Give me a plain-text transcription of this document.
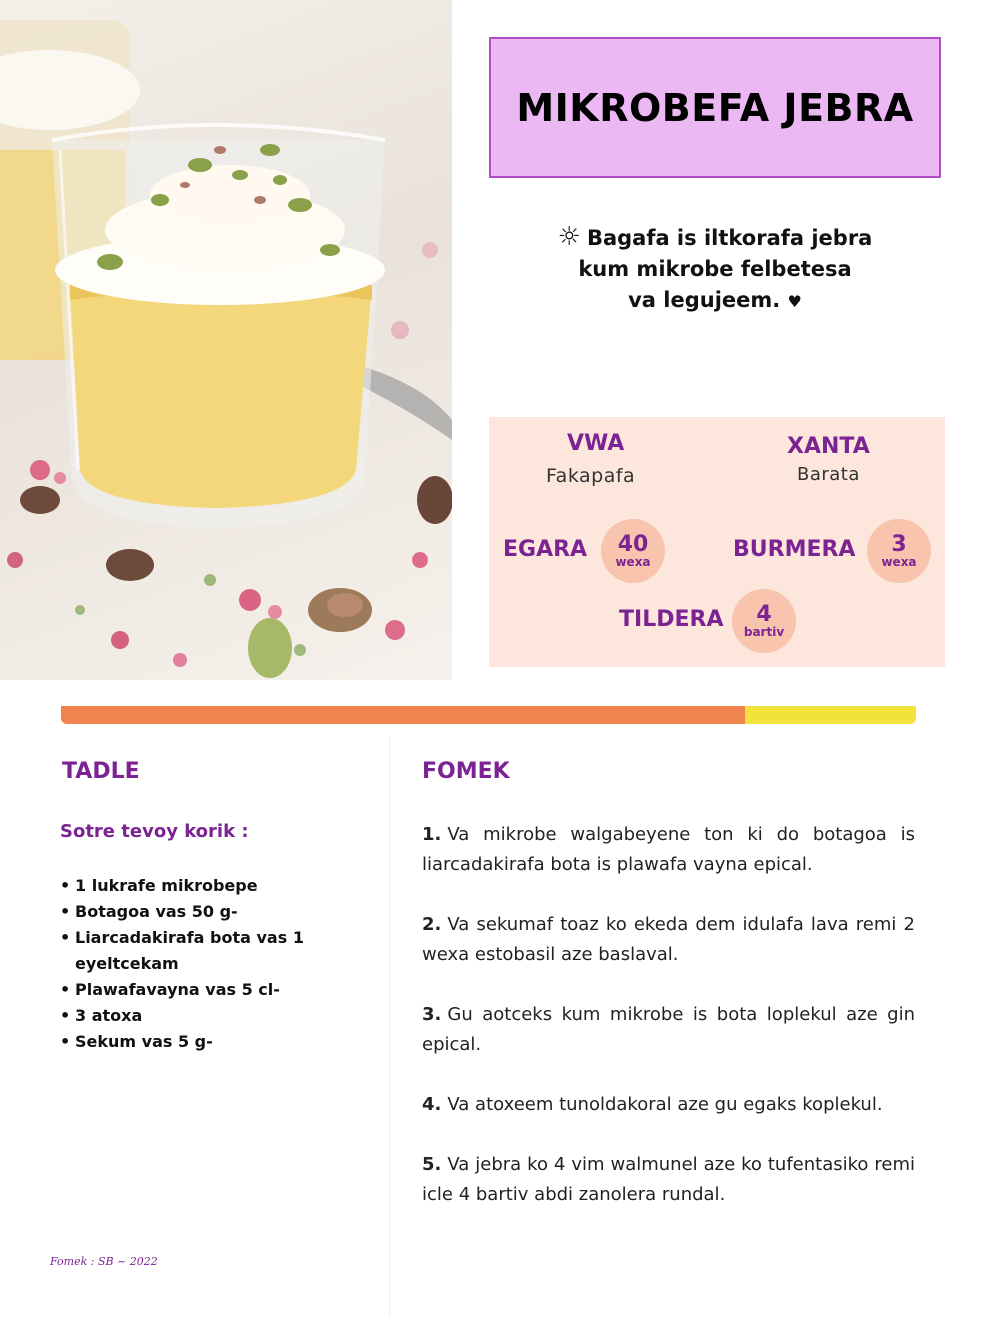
MIKROBEFA JEBRA
☼ Bagafa is iltkorafa jebra
kum mikrobe felbetesa
va legujeem. ♥
VWA
Fakapafa
XANTA
Barata
EGARA 40
wexa	BURMERA 3
wexa
TILDERA 4
bartiv
TADLE
Sotre tevoy korik :
• 1 lukrafe mikrobepe
• Botagoa vas 50 g-
• Liarcadakirafa bota vas 1 eyeltcekam
• Plawafavayna vas 5 cl-
• 3 atoxa
• Sekum vas 5 g-
FOMEK

1. Va mikrobe walgabeyene ton ki do botagoa is liarcadakirafa bota is plawafa vayna epical.

2. Va sekumaf toaz ko ekeda dem idulafa lava remi 2 wexa estobasil aze baslaval.

3. Gu aotceks kum mikrobe is bota loplekul aze gin epical.

4. Va atoxeem tunoldakoral aze gu egaks koplekul.

5. Va jebra ko 4 vim walmunel aze ko tufentasiko remi icle 4 bartiv abdi zanolera rundal.

Fomek : SB ~ 2022
